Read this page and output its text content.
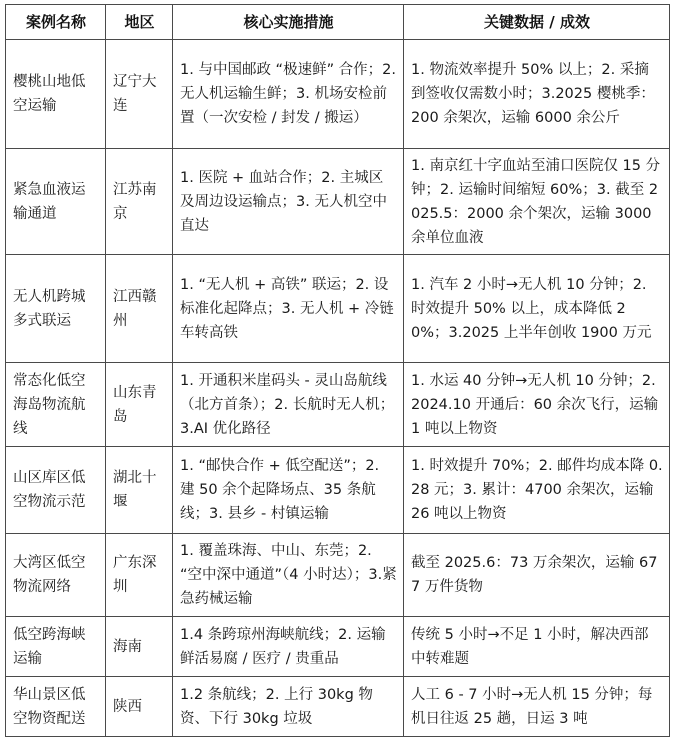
案例名称	地区	核心实施措施	关键数据 / 成效
樱桃山地低空运输	辽宁大连	1. 与中国邮政 “极速鲜” 合作；2. 无人机运输生鲜；3. 机场安检前置（一次安检 / 封发 / 搬运）	1. 物流效率提升 50% 以上；2. 采摘到签收仅需数小时；3.2025 樱桃季：200 余架次，运输 6000 余公斤
紧急血液运输通道	江苏南京	1. 医院 + 血站合作；2. 主城区及周边设运输点；3. 无人机空中直达	1. 南京红十字血站至浦口医院仅 15 分钟；2. 运输时间缩短 60%；3. 截至 2025.5：2000 余个架次，运输 3000 余单位血液
无人机跨城多式联运	江西赣州	1. “无人机 + 高铁” 联运；2. 设标准化起降点；3. 无人机 + 冷链车转高铁	1. 汽车 2 小时→无人机 10 分钟；2. 时效提升 50% 以上，成本降低 20%；3.2025 上半年创收 1900 万元
常态化低空海岛物流航线	山东青岛	1. 开通积米崖码头 - 灵山岛航线（北方首条）；2. 长航时无人机；3.AI 优化路径	1. 水运 40 分钟→无人机 10 分钟；2.2024.10 开通后：60 余次飞行，运输 1 吨以上物资
山区库区低空物流示范	湖北十堰	1. “邮快合作 + 低空配送”；2. 建 50 余个起降场点、35 条航线；3. 县乡 - 村镇运输	1. 时效提升 70%；2. 邮件均成本降 0.28 元；3. 累计：4700 余架次，运输 26 吨以上物资
大湾区低空物流网络	广东深圳	1. 覆盖珠海、中山、东莞；2. “空中深中通道”（4 小时达）；3.紧急药械运输	截至 2025.6：73 万余架次，运输 677 万件货物
低空跨海峡运输	海南	1.4 条跨琼州海峡航线；2. 运输鲜活易腐 / 医疗 / 贵重品	传统 5 小时→不足 1 小时，解决西部中转难题
华山景区低空物资配送	陕西	1.2 条航线；2. 上行 30kg 物资、下行 30kg 垃圾	人工 6 - 7 小时→无人机 15 分钟；每机日往返 25 趟，日运 3 吨
